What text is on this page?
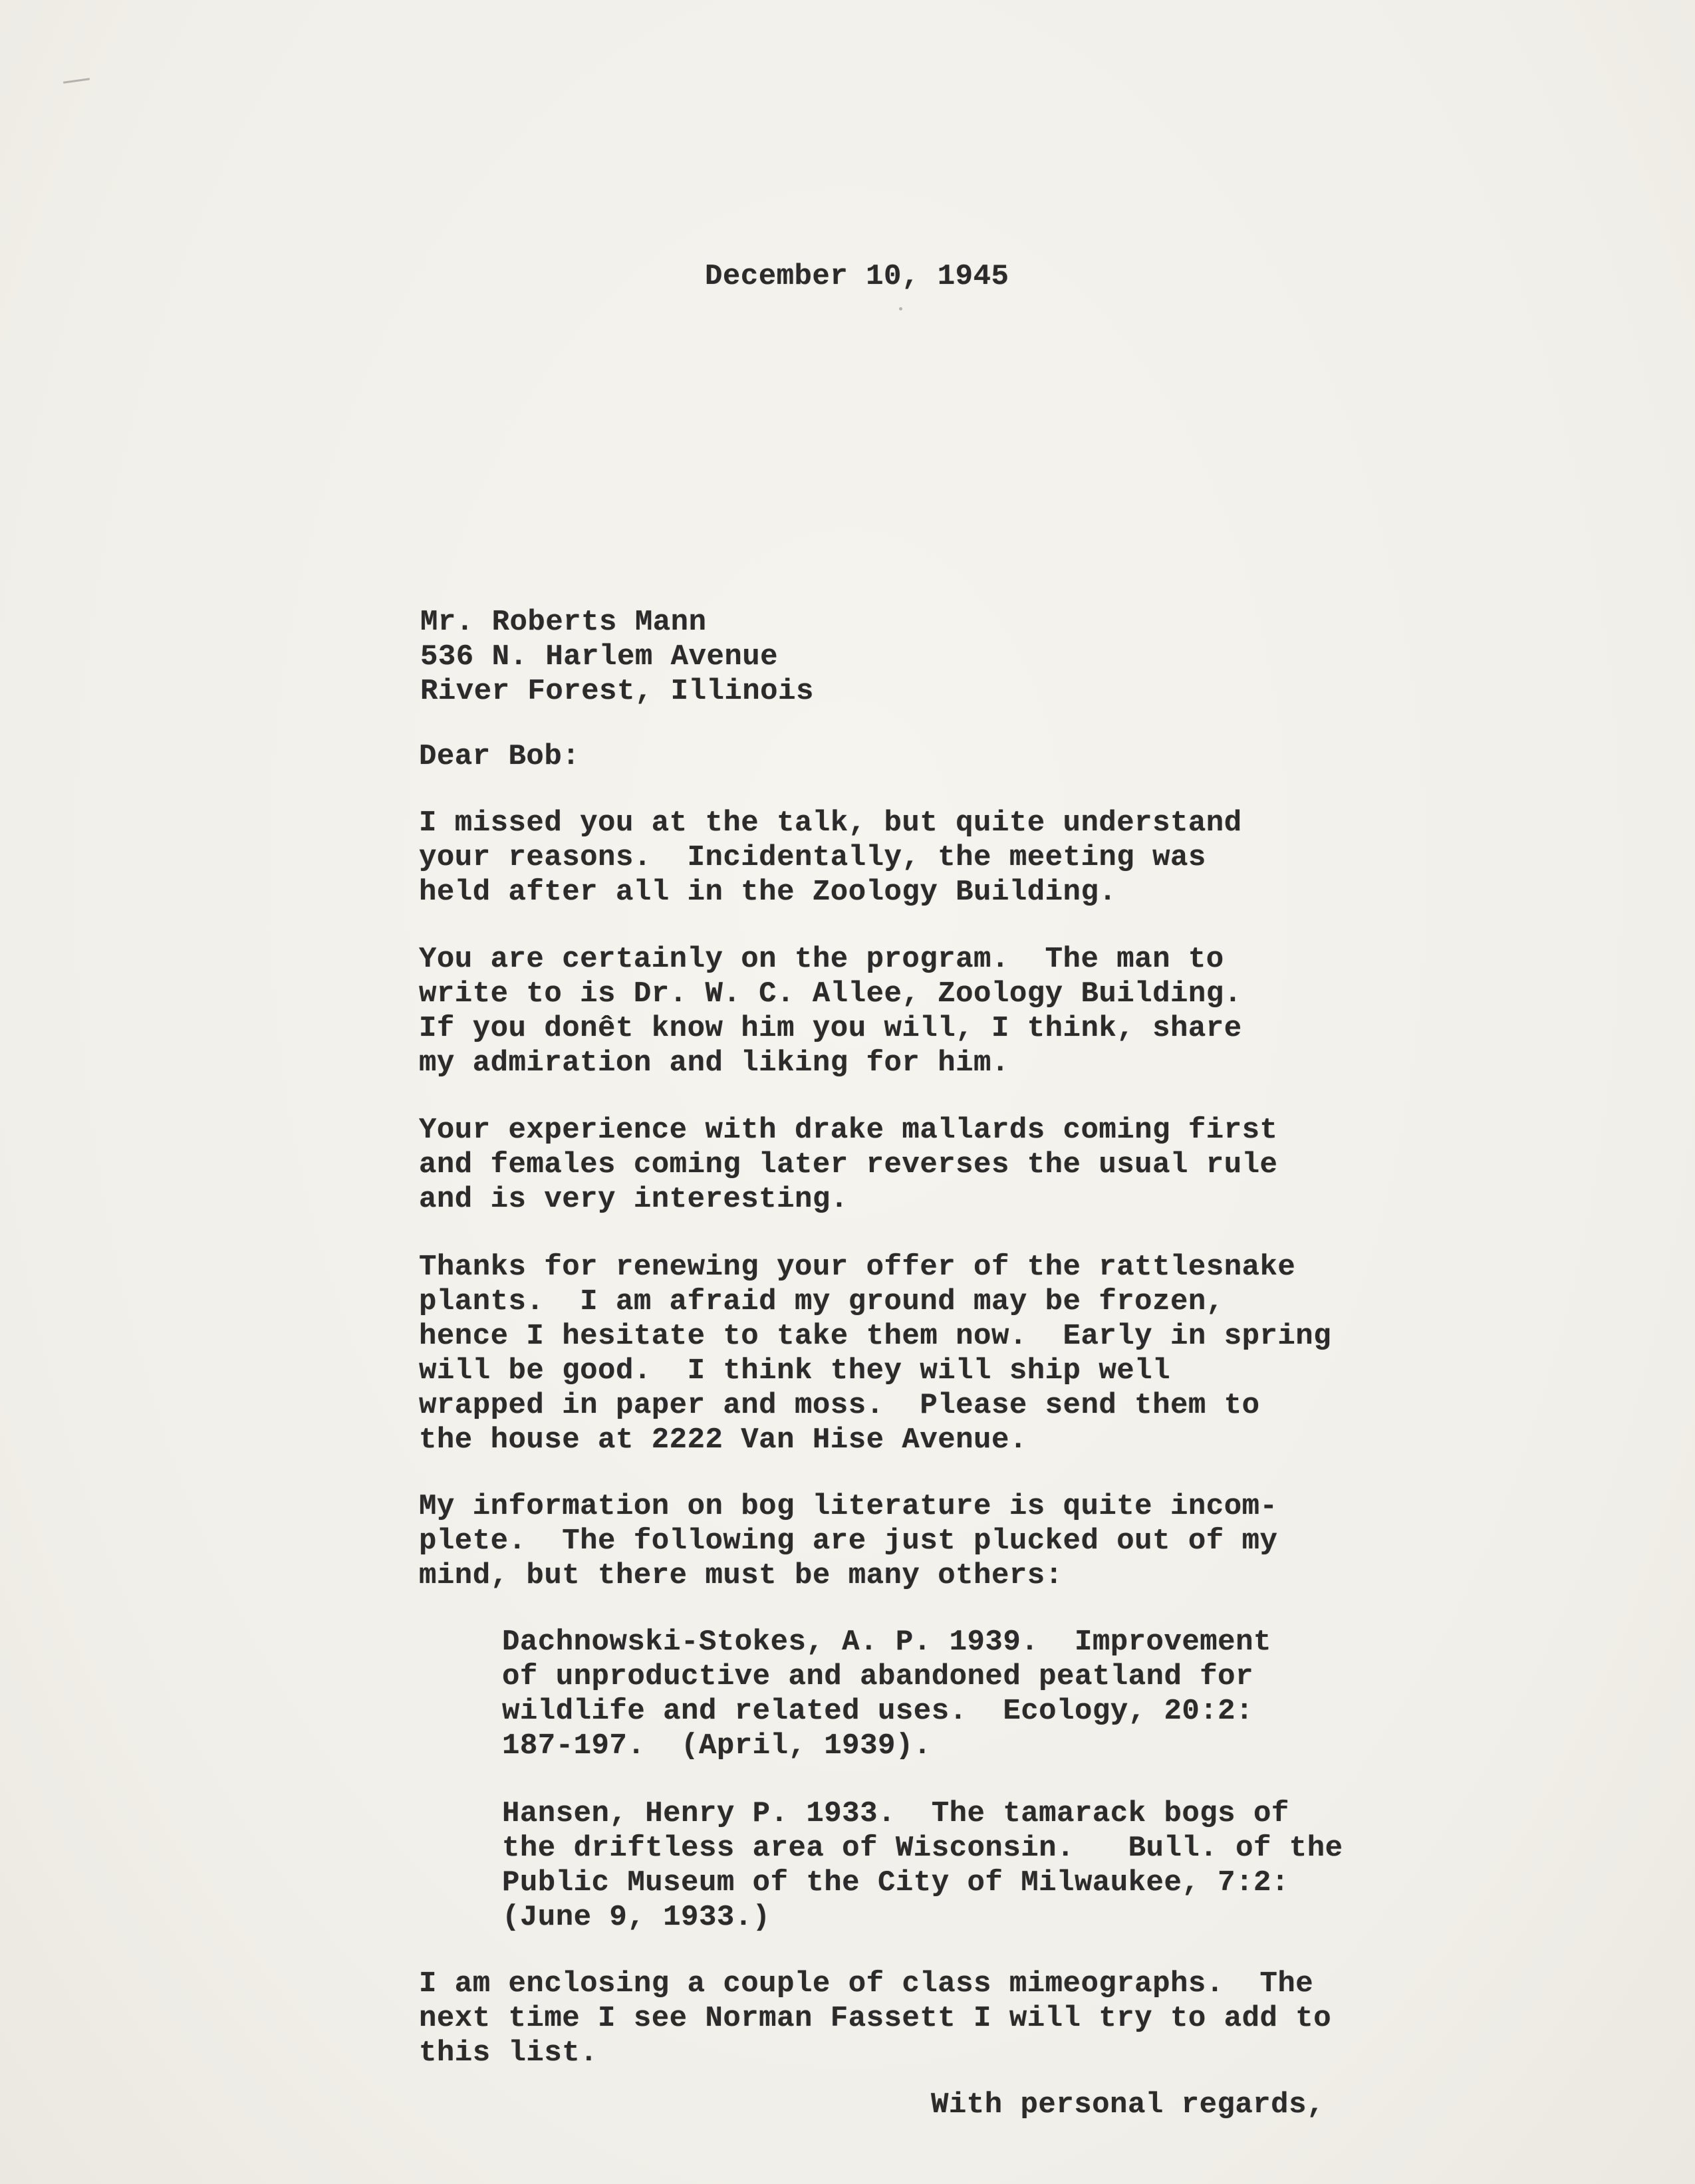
December 10, 1945
Mr. Roberts Mann
536 N. Harlem Avenue
River Forest, Illinois
Dear Bob:
I missed you at the talk, but quite understand
your reasons.  Incidentally, the meeting was
held after all in the Zoology Building.
You are certainly on the program.  The man to
write to is Dr. W. C. Allee, Zoology Building.
If you donêt know him you will, I think, share
my admiration and liking for him.
Your experience with drake mallards coming first
and females coming later reverses the usual rule
and is very interesting.
Thanks for renewing your offer of the rattlesnake
plants.  I am afraid my ground may be frozen,
hence I hesitate to take them now.  Early in spring
will be good.  I think they will ship well
wrapped in paper and moss.  Please send them to
the house at 2222 Van Hise Avenue.
My information on bog literature is quite incom-
plete.  The following are just plucked out of my
mind, but there must be many others:
Dachnowski-Stokes, A. P. 1939.  Improvement
of unproductive and abandoned peatland for
wildlife and related uses.  Ecology, 20:2:
187-197.  (April, 1939).
Hansen, Henry P. 1933.  The tamarack bogs of
the driftless area of Wisconsin.   Bull. of the
Public Museum of the City of Milwaukee, 7:2:
(June 9, 1933.)
I am enclosing a couple of class mimeographs.  The
next time I see Norman Fassett I will try to add to
this list.
With personal regards,
